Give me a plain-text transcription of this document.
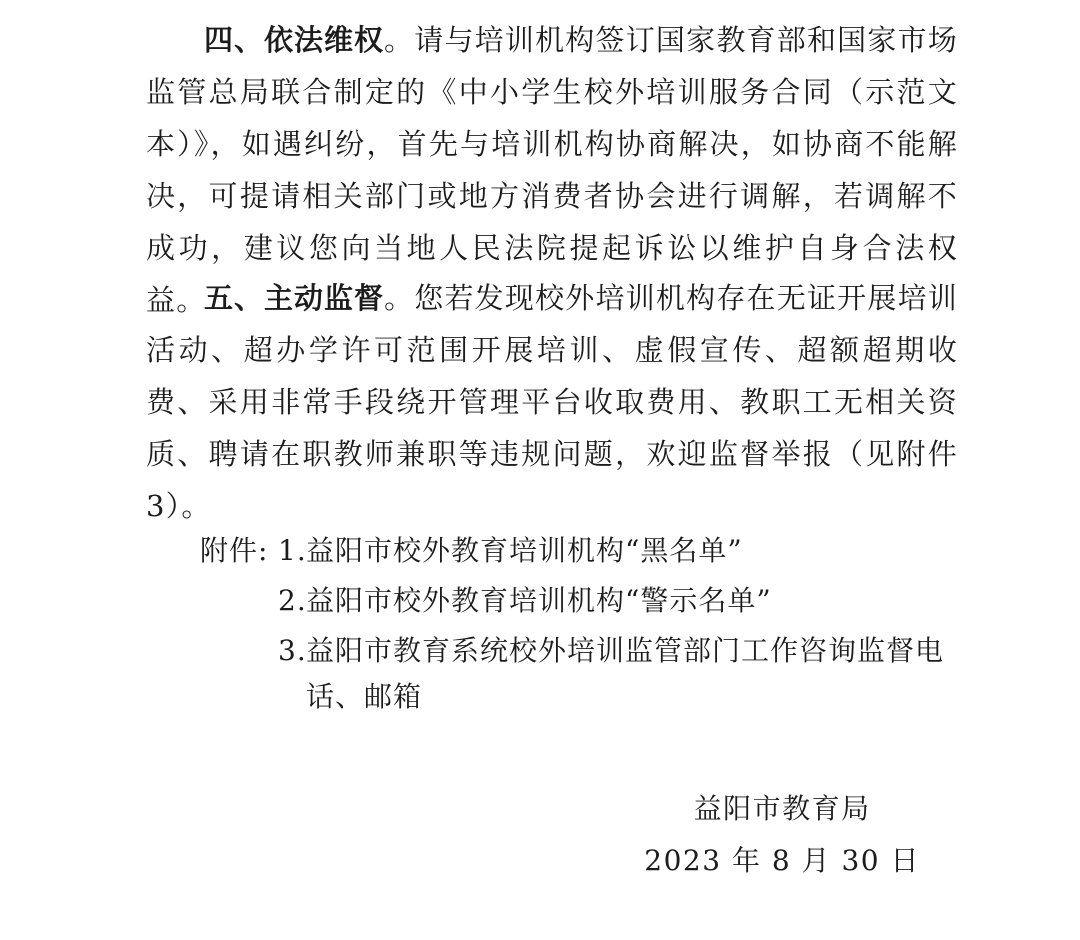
四、依法维权。请与培训机构签订国家教育部和国家市场监管总局联合制定的《中小学生校外培训服务合同（示范文本）》，如遇纠纷，首先与培训机构协商解决，如协商不能解决，可提请相关部门或地方消费者协会进行调解，若调解不成功，建议您向当地人民法院提起诉讼以维护自身合法权益。

五、主动监督。您若发现校外培训机构存在无证开展培训活动、超办学许可范围开展培训、虚假宣传、超额超期收费、采用非常手段绕开管理平台收取费用、教职工无相关资质、聘请在职教师兼职等违规问题，欢迎监督举报（见附件 3）。

附件: 1. 益阳市校外教育培训机构“黑名单”
2. 益阳市校外教育培训机构“警示名单”
3. 益阳市教育系统校外培训监管部门工作咨询监督电话、邮箱
益阳市教育局
2023 年 8 月 30 日
